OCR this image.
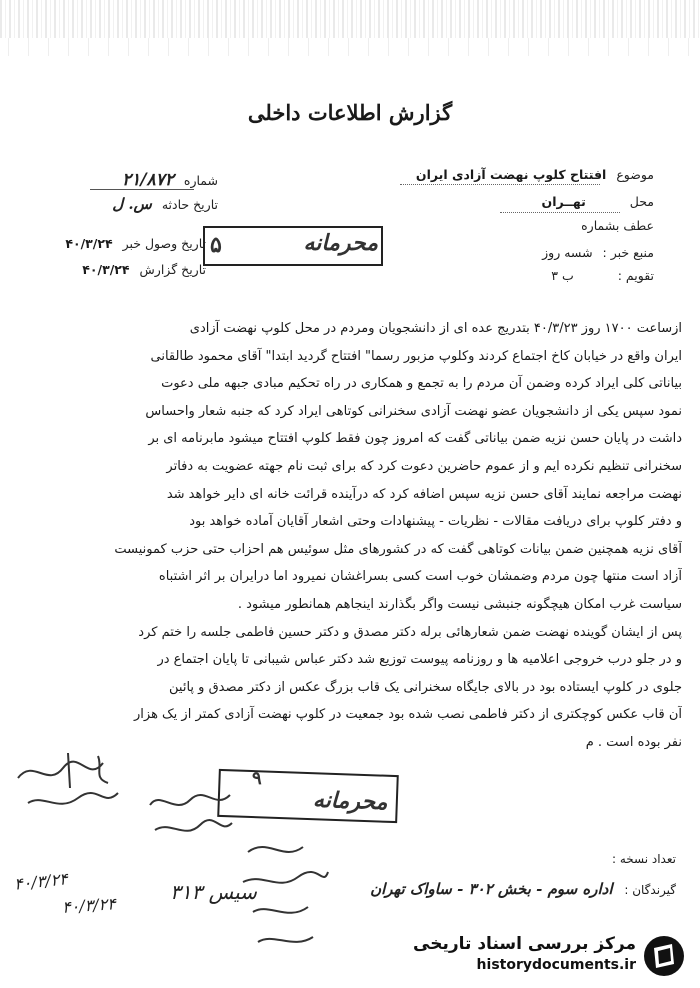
گزارش اطلاعات داخلی
شماره ۲۱/۸۷۲
تاریخ حادثه س. ل
تاریخ وصول خبر ۴۰/۳/۲۴
تاریخ گزارش ۴۰/۳/۲۴
محرمانه
۵
موضوع افتتاح کلوپ نهضت آزادی ایران
محل تهــران
عطف بشماره
منبع خبر : شسه روز
تقویم : ب ۳
ازساعت ۱۷۰۰ روز ۴۰/۳/۲۳ بتدریج عده ای از دانشجویان ومردم در محل کلوپ نهضت آزادی
ایران واقع در خیابان کاخ اجتماع کردند وکلوپ مزبور رسما" افتتاح گردید ابتدا" آقای محمود طالقانی
بیاناتی کلی ایراد کرده وضمن آن مردم را به تجمع و همکاری در راه تحکیم مبادی جبهه ملی دعوت
نمود سپس یکی از دانشجویان عضو نهضت آزادی سخنرانی کوتاهی ایراد کرد که جنبه شعار واحساس
داشت در پایان حسن نزیه ضمن بیاناتی گفت که امروز چون فقط کلوپ افتتاح میشود مابرنامه ای بر
سخنرانی تنظیم نکرده ایم و از عموم حاضرین دعوت کرد که برای ثبت نام جهته عضویت به دفاتر
نهضت مراجعه نمایند آقای حسن نزیه سپس اضافه کرد که درآینده قرائت خانه ای دایر خواهد شد
و دفتر کلوپ برای دریافت مقالات - نظریات - پیشنهادات وحتی اشعار آقایان آماده خواهد بود
آقای نزیه همچنین ضمن بیانات کوتاهی گفت که در کشورهای مثل سوئیس هم احزاب حتی حزب کمونیست
آزاد است منتها چون مردم وضمشان خوب است کسی بسراغشان نمیرود اما درایران بر اثر اشتباه
سیاست غرب امکان هیچگونه جنبشی نیست واگر بگذارند اینجاهم همانطور میشود .
پس از ایشان گوینده نهضت ضمن شعارهائی برله دکتر مصدق و دکتر حسین فاطمی جلسه را ختم کرد
و در جلو درب خروجی اعلامیه ها و روزنامه پیوست توزیع شد دکتر عباس شیبانی تا پایان اجتماع در
جلوی در کلوپ ایستاده بود در بالای جایگاه سخنرانی یک قاب بزرگ عکس از دکتر مصدق و پائین
آن قاب عکس کوچکتری از دکتر فاطمی نصب شده بود جمعیت در کلوپ نهضت آزادی کمتر از یک هزار
نفر بوده است . م
محرمانه
۹
تعداد نسخه :
گیرندگان : اداره سوم - بخش ۳۰۲ - ساواک تهران
سیس ۳۱۳
۴۰/۳/۲۴
۴۰/۳/۲۴
مرکز بررسی اسناد تاریخی
historydocuments.ir
